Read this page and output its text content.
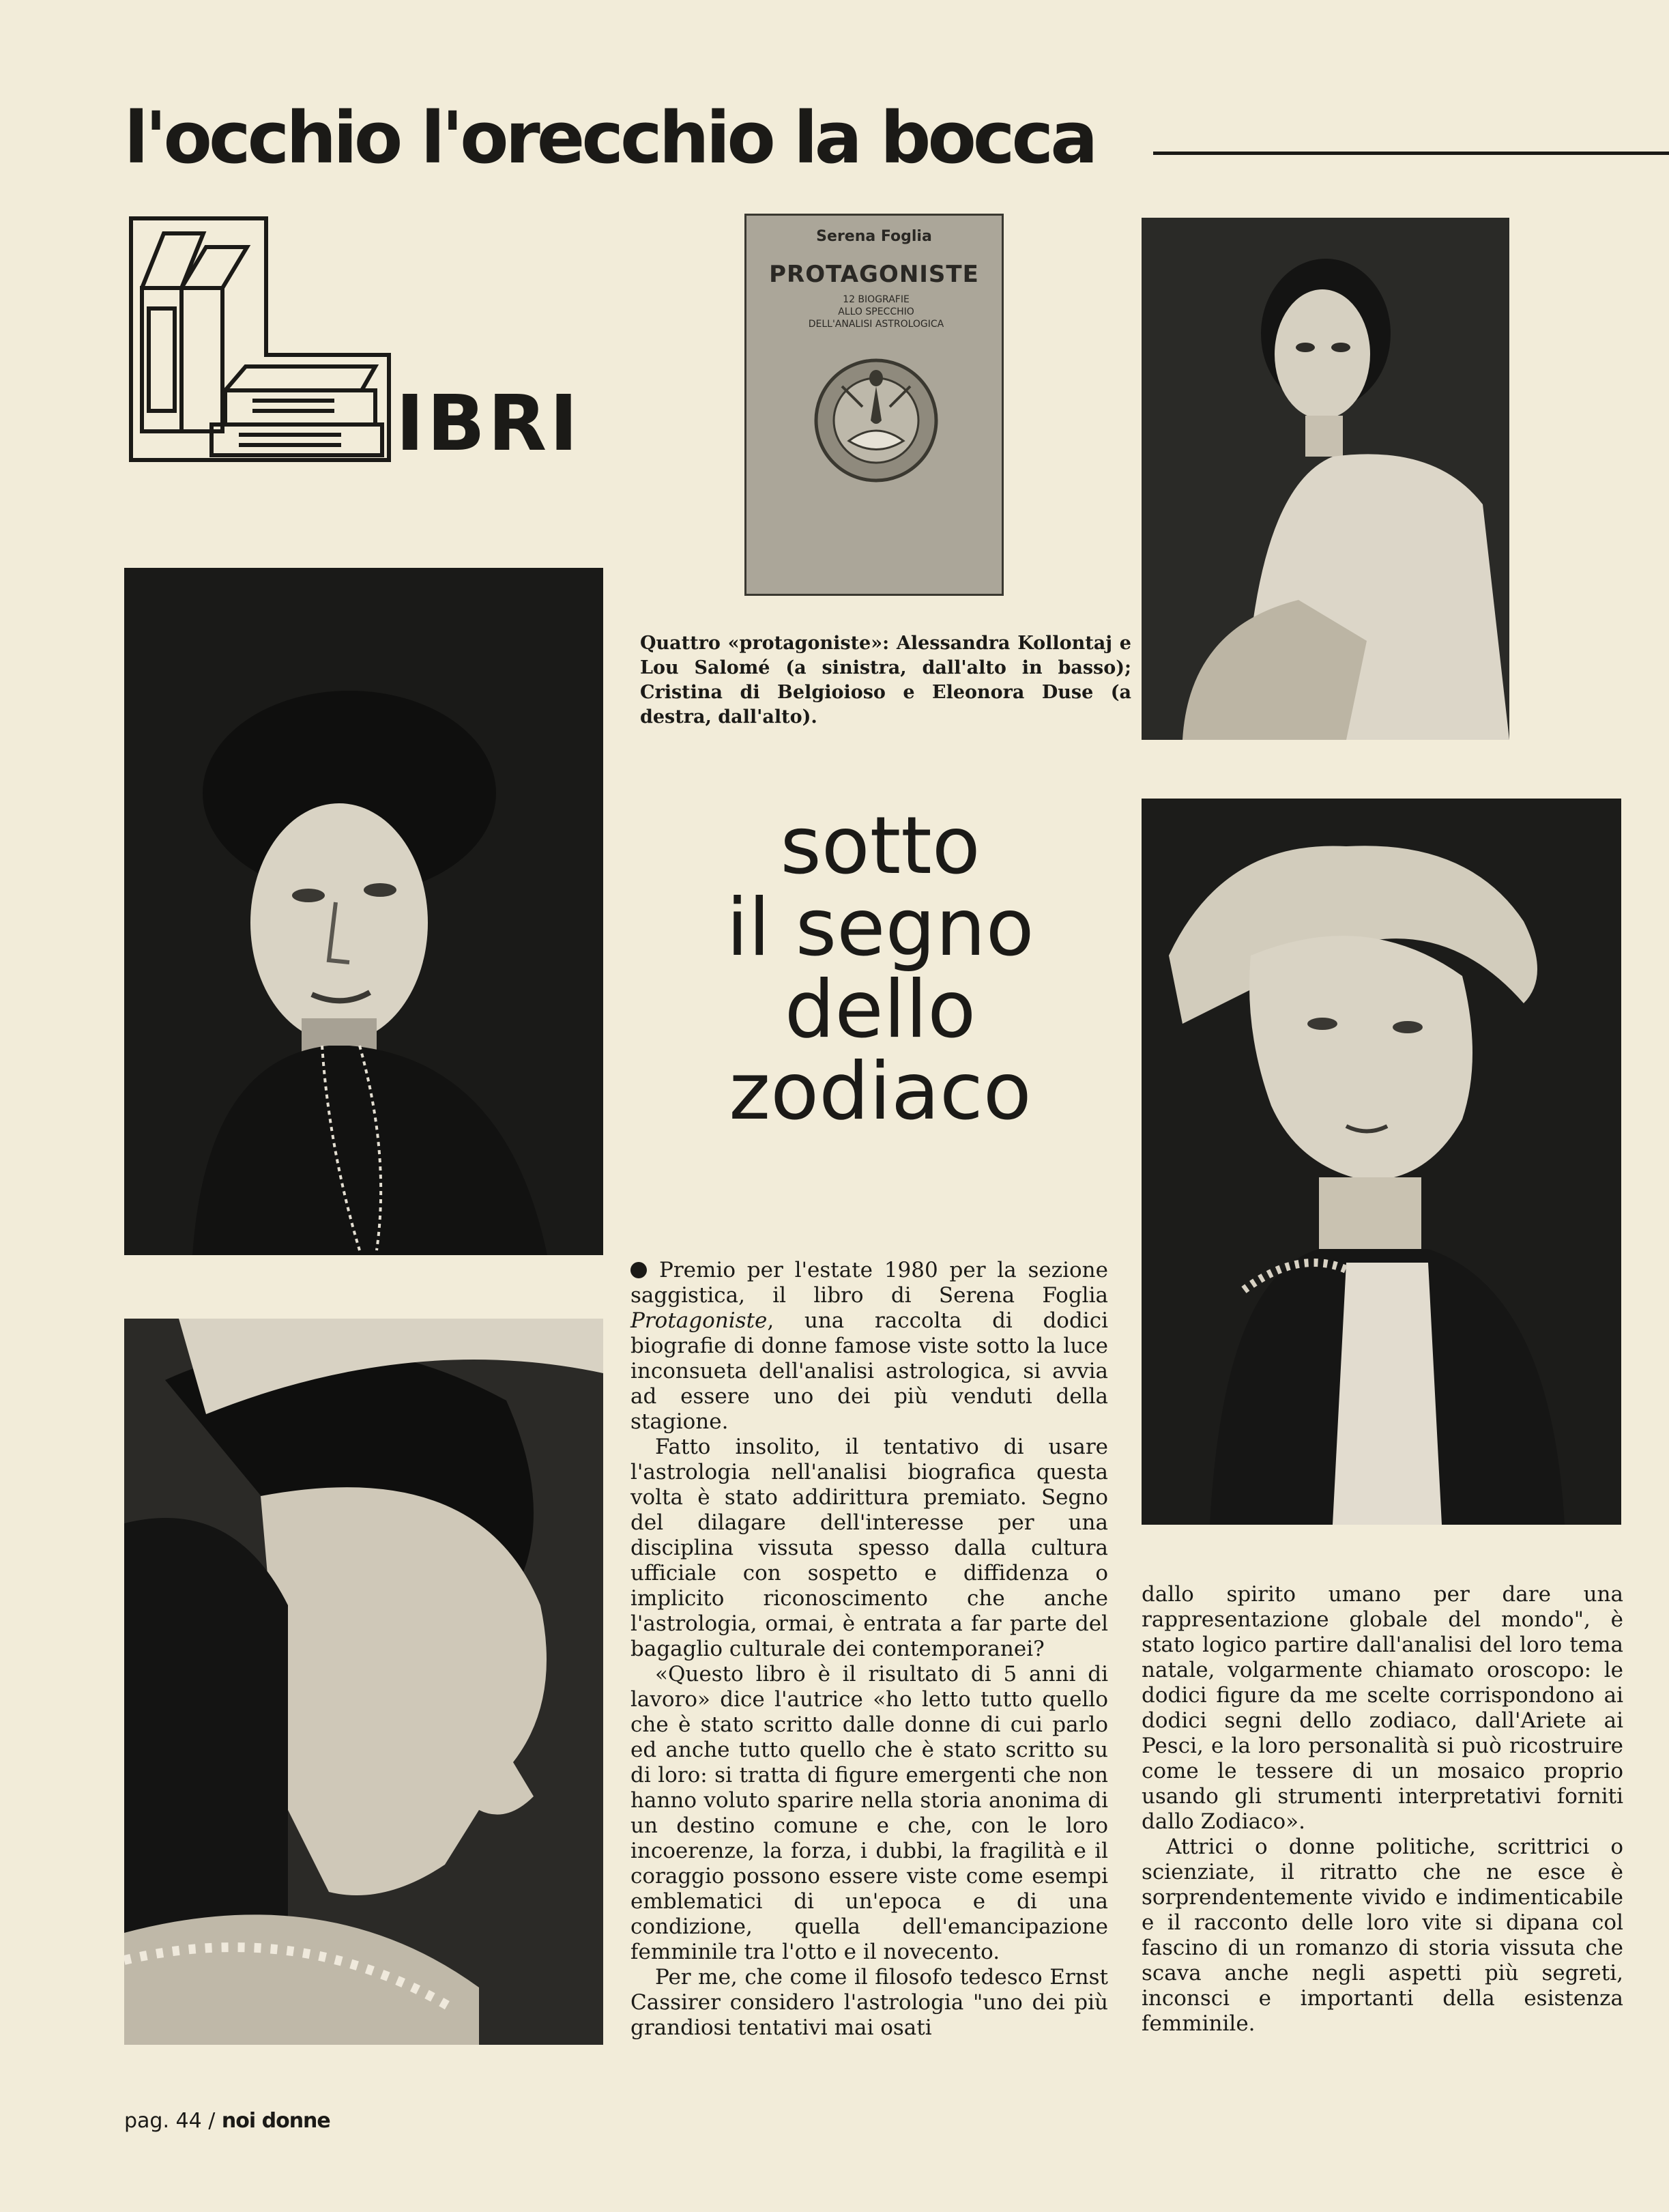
l'occhio l'orecchio la bocca
IBRI
Serena Foglia
PROTAGONISTE
12 BIOGRAFIE
ALLO SPECCHIO
DELL'ANALISI ASTROLOGICA
Quattro «protagoniste»: Alessandra Kollontaj e Lou Salomé (a sinistra, dall'alto in basso); Cristina di Belgioioso e Eleonora Duse (a destra, dall'alto).
sotto
il segno
dello
zodiaco

Premio per l'estate 1980 per la sezione saggistica, il libro di Serena Foglia Protagoniste, una raccolta di dodici biografie di donne famose viste sotto la luce inconsueta dell'analisi astrologica, si avvia ad essere uno dei più venduti della stagione.

Fatto insolito, il tentativo di usare l'astrologia nell'analisi biografica questa volta è stato addirittura premiato. Segno del dilagare dell'interesse per una disciplina vissuta spesso dalla cultura ufficiale con sospetto e diffidenza o implicito riconoscimento che anche l'astrologia, ormai, è entrata a far parte del bagaglio culturale dei contemporanei?

«Questo libro è il risultato di 5 anni di lavoro» dice l'autrice «ho letto tutto quello che è stato scritto dalle donne di cui parlo ed anche tutto quello che è stato scritto su di loro: si tratta di figure emergenti che non hanno voluto sparire nella storia anonima di un destino comune e che, con le loro incoerenze, la forza, i dubbi, la fragilità e il coraggio possono essere viste come esempi emblematici di un'epoca e di una condizione, quella dell'emancipazione femminile tra l'otto e il novecento.

Per me, che come il filosofo tedesco Ernst Cassirer considero l'astrologia "uno dei più grandiosi tentativi mai osati

dallo spirito umano per dare una rappresentazione globale del mondo", è stato logico partire dall'analisi del loro tema natale, volgarmente chiamato oroscopo: le dodici figure da me scelte corrispondono ai dodici segni dello zodiaco, dall'Ariete ai Pesci, e la loro personalità si può ricostruire come le tessere di un mosaico proprio usando gli strumenti interpretativi forniti dallo Zodiaco».

Attrici o donne politiche, scrittrici o scienziate, il ritratto che ne esce è sorprendentemente vivido e indimenticabile e il racconto delle loro vite si dipana col fascino di un romanzo di storia vissuta che scava anche negli aspetti più segreti, inconsci e importanti della esistenza femminile.

pag. 44 / noi donne
